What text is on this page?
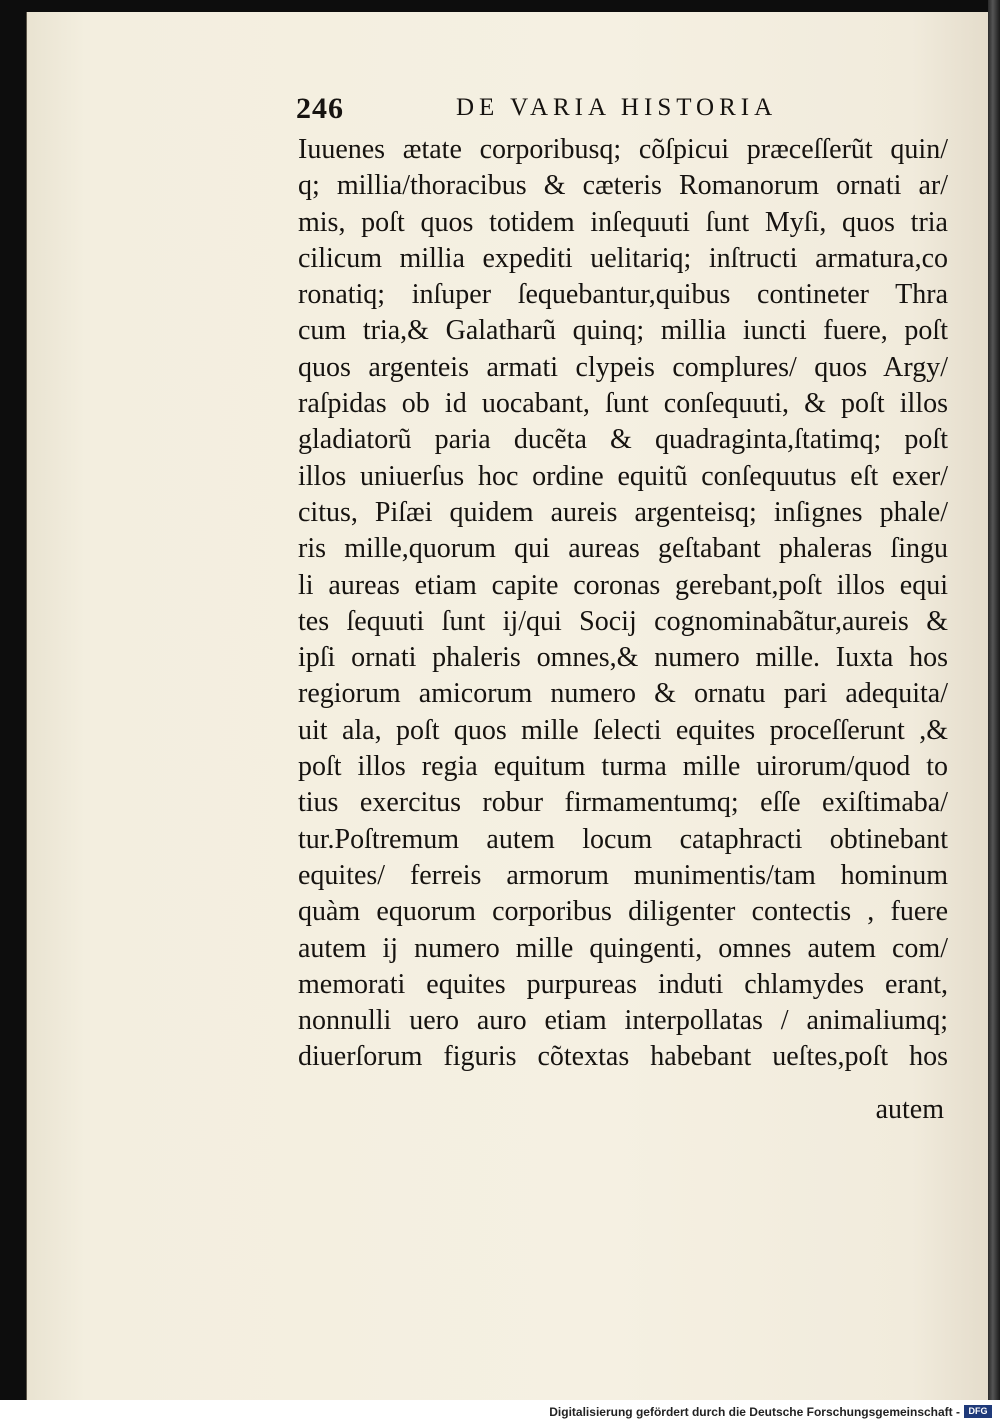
246	DE VARIA HISTORIA
Iuuenes ætate corporibusq; cõſpicui præceſſerũt quin/
q; millia/thoracibus & cæteris Romanorum ornati ar/
mis, poſt quos totidem inſequuti ſunt Myſi, quos tria
cilicum millia expediti uelitariq; inſtructi armatura,co
ronatiq; inſuper ſequebantur,quibus contineter Thra
cum tria,& Galatharũ quinq; millia iuncti fuere, poſt
quos argenteis armati clypeis complures/ quos Argy/
raſpidas ob id uocabant, ſunt conſequuti, & poſt illos
gladiatorũ paria ducẽta & quadraginta,ſtatimq; poſt
illos uniuerſus hoc ordine equitũ conſequutus eſt exer/
citus, Piſæi quidem aureis argenteisq; inſignes phale/
ris mille,quorum qui aureas geſtabant phaleras ſingu
li aureas etiam capite coronas gerebant,poſt illos equi
tes ſequuti ſunt ij/qui Socij cognominabãtur,aureis &
ipſi ornati phaleris omnes,& numero mille. Iuxta hos
regiorum amicorum numero & ornatu pari adequita/
uit ala, poſt quos mille ſelecti equites proceſſerunt ,&
poſt illos regia equitum turma mille uirorum/quod to
tius exercitus robur firmamentumq; eſſe exiſtimaba/
tur.Poſtremum autem locum cataphracti obtinebant
equites/ ferreis armorum munimentis/tam hominum
quàm equorum corporibus diligenter contectis , fuere
autem ij numero mille quingenti, omnes autem com/
memorati equites purpureas induti chlamydes erant,
nonnulli uero auro etiam interpollatas / animaliumq;
diuerſorum figuris cõtextas habebant ueſtes,poſt hos
autem
Digitalisierung gefördert durch die Deutsche Forschungsgemeinschaft - DFG
